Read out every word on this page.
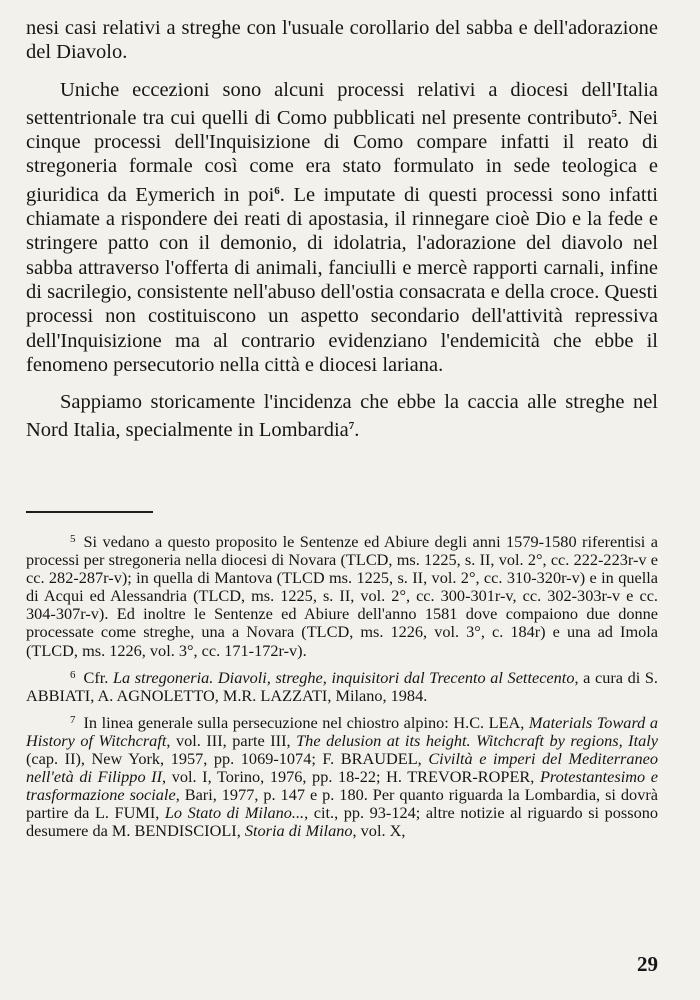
nesi casi relativi a streghe con l'usuale corollario del sabba e dell'adorazione del Diavolo.

Uniche eccezioni sono alcuni processi relativi a diocesi dell'Italia settentrionale tra cui quelli di Como pubblicati nel presente contributo$^5$. Nei cinque processi dell'Inquisizione di Como compare infatti il reato di stregoneria formale così come era stato formulato in sede teologica e giuridica da Eymerich in poi$^6$. Le imputate di questi processi sono infatti chiamate a rispondere dei reati di apostasia, il rinnegare cioè Dio e la fede e stringere patto con il demonio, di idolatria, l'adorazione del diavolo nel sabba attraverso l'offerta di animali, fanciulli e mercè rapporti carnali, infine di sacrilegio, consistente nell'abuso dell'ostia consacrata e della croce. Questi processi non costituiscono un aspetto secondario dell'attività repressiva dell'Inquisizione ma al contrario evidenziano l'endemicità che ebbe il fenomeno persecutorio nella città e diocesi lariana.

Sappiamo storicamente l'incidenza che ebbe la caccia alle streghe nel Nord Italia, specialmente in Lombardia$^7$.

$^5$ Si vedano a questo proposito le Sentenze ed Abiure degli anni 1579-1580 riferentisi a processi per stregoneria nella diocesi di Novara (TLCD, ms. 1225, s. II, vol. 2°, cc. 222-223r-v e cc. 282-287r-v); in quella di Mantova (TLCD ms. 1225, s. II, vol. 2°, cc. 310-320r-v) e in quella di Acqui ed Alessandria (TLCD, ms. 1225, s. II, vol. 2°, cc. 300-301r-v, cc. 302-303r-v e cc. 304-307r-v). Ed inoltre le Sentenze ed Abiure dell'anno 1581 dove compaiono due donne processate come streghe, una a Novara (TLCD, ms. 1226, vol. 3°, c. 184r) e una ad Imola (TLCD, ms. 1226, vol. 3°, cc. 171-172r-v).

$^6$ Cfr. La stregoneria. Diavoli, streghe, inquisitori dal Trecento al Settecento, a cura di S. ABBIATI, A. AGNOLETTO, M.R. LAZZATI, Milano, 1984.

$^7$ In linea generale sulla persecuzione nel chiostro alpino: H.C. LEA, Materials Toward a History of Witchcraft, vol. III, parte III, The delusion at its height. Witchcraft by regions, Italy (cap. II), New York, 1957, pp. 1069-1074; F. BRAUDEL, Civiltà e imperi del Mediterraneo nell'età di Filippo II, vol. I, Torino, 1976, pp. 18-22; H. TREVOR-ROPER, Protestantesimo e trasformazione sociale, Bari, 1977, p. 147 e p. 180. Per quanto riguarda la Lombardia, si dovrà partire da L. FUMI, Lo Stato di Milano..., cit., pp. 93-124; altre notizie al riguardo si possono desumere da M. BENDISCIOLI, Storia di Milano, vol. X,

29
